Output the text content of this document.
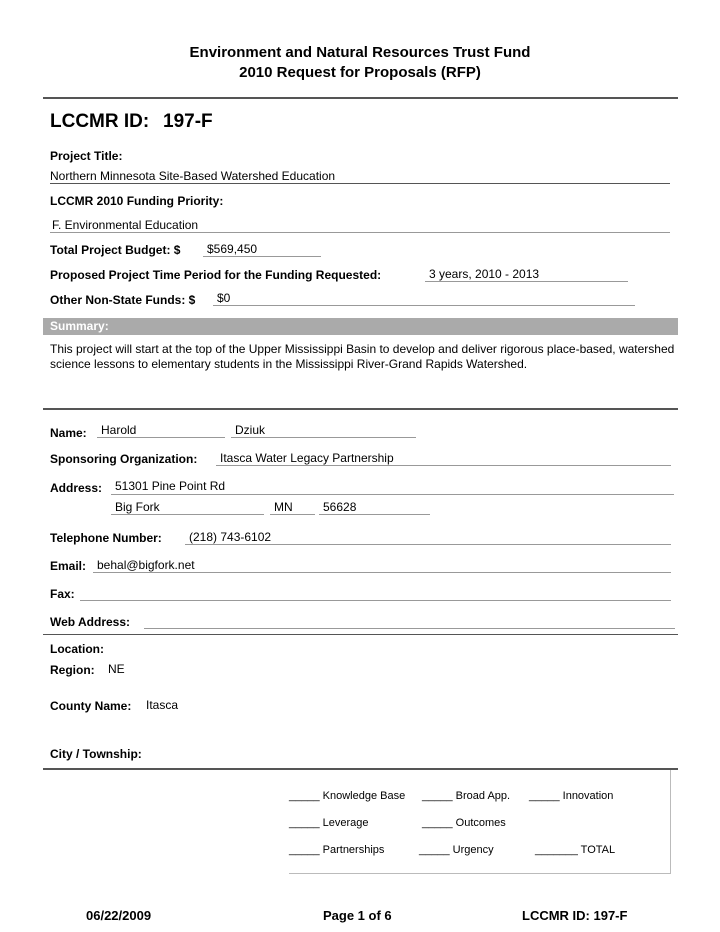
Environment and Natural Resources Trust Fund
2010 Request for Proposals (RFP)
LCCMR ID: 197-F
Project Title:
Northern Minnesota Site-Based Watershed Education
LCCMR 2010 Funding Priority:
F. Environmental Education
Total Project Budget: $ $569,450
Proposed Project Time Period for the Funding Requested:	3 years, 2010 - 2013
Other Non-State Funds: $ $0
Summary:
This project will start at the top of the Upper Mississippi Basin to develop and deliver rigorous place-based, watershed science lessons to elementary students in the Mississippi River-Grand Rapids Watershed.
Name: Harold	Dziuk
Sponsoring Organization: Itasca Water Legacy Partnership
Address: 51301 Pine Point Rd
Big Fork	MN	56628
Telephone Number: (218) 743-6102
Email: behal@bigfork.net
Fax:
Web Address:
Location:
Region: NE
County Name: Itasca
City / Township:
_____ Knowledge Base _____ Broad App. _____ Innovation
_____ Leverage	_____ Outcomes
_____ Partnerships	_____ Urgency	_______ TOTAL
06/22/2009	Page 1 of 6	LCCMR ID: 197-F
